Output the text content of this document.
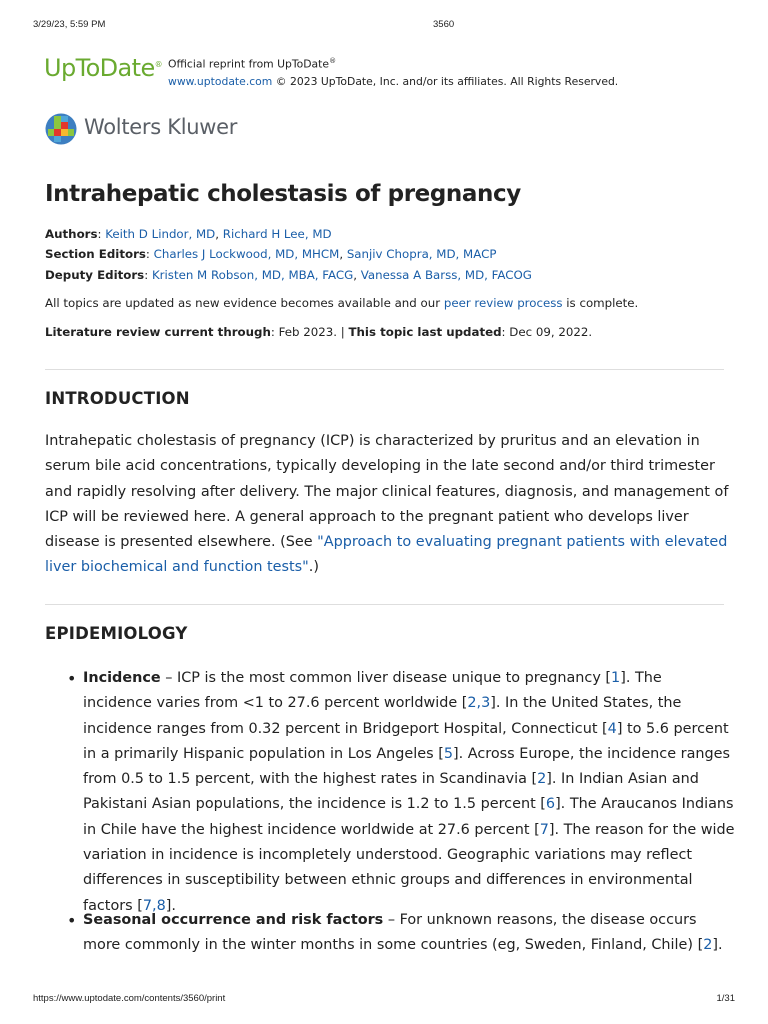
3/29/23, 5:59 PM	3560
https://www.uptodate.com/contents/3560/print	1/31
UpToDate® Official reprint from UpToDate®
www.uptodate.com © 2023 UpToDate, Inc. and/or its affiliates. All Rights Reserved.
Wolters Kluwer
Intrahepatic cholestasis of pregnancy
Authors: Keith D Lindor, MD, Richard H Lee, MD
Section Editors: Charles J Lockwood, MD, MHCM, Sanjiv Chopra, MD, MACP
Deputy Editors: Kristen M Robson, MD, MBA, FACG, Vanessa A Barss, MD, FACOG
All topics are updated as new evidence becomes available and our peer review process is complete.
Literature review current through: Feb 2023. | This topic last updated: Dec 09, 2022.
INTRODUCTION
Intrahepatic cholestasis of pregnancy (ICP) is characterized by pruritus and an elevation in serum bile acid concentrations, typically developing in the late second and/or third trimester and rapidly resolving after delivery. The major clinical features, diagnosis, and management of ICP will be reviewed here. A general approach to the pregnant patient who develops liver disease is presented elsewhere. (See "Approach to evaluating pregnant patients with elevated liver biochemical and function tests".)
EPIDEMIOLOGY
• Incidence – ICP is the most common liver disease unique to pregnancy [1]. The incidence varies from <1 to 27.6 percent worldwide [2,3]. In the United States, the incidence ranges from 0.32 percent in Bridgeport Hospital, Connecticut [4] to 5.6 percent in a primarily Hispanic population in Los Angeles [5]. Across Europe, the incidence ranges from 0.5 to 1.5 percent, with the highest rates in Scandinavia [2]. In Indian Asian and Pakistani Asian populations, the incidence is 1.2 to 1.5 percent [6]. The Araucanos Indians in Chile have the highest incidence worldwide at 27.6 percent [7]. The reason for the wide variation in incidence is incompletely understood. Geographic variations may reflect differences in susceptibility between ethnic groups and differences in environmental factors [7,8].
• Seasonal occurrence and risk factors – For unknown reasons, the disease occurs more commonly in the winter months in some countries (eg, Sweden, Finland, Chile) [2].
